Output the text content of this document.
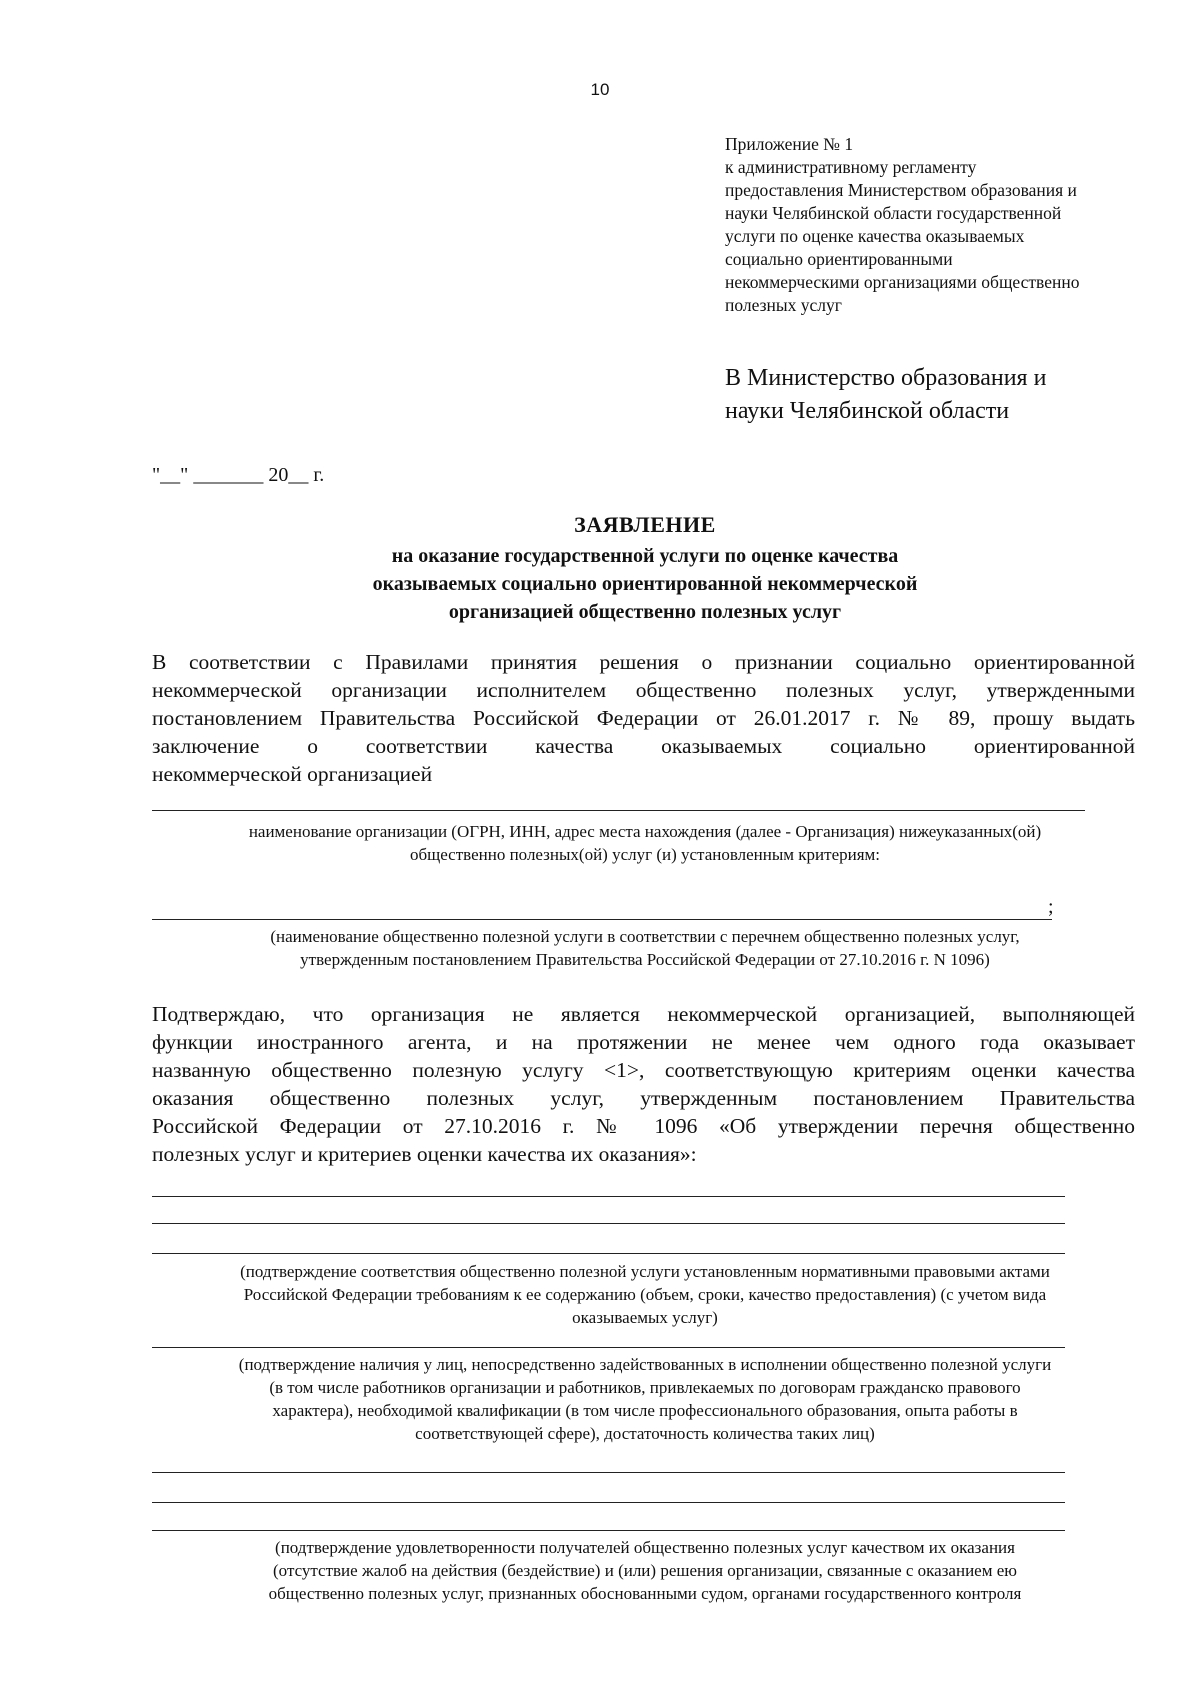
10
Приложение № 1
к административному регламенту
предоставления Министерством образования и
науки Челябинской области государственной
услуги по оценке качества оказываемых
социально ориентированными
некоммерческими организациями общественно
полезных услуг
В Министерство образования и
науки Челябинской области
"__" _______ 20__ г.
ЗАЯВЛЕНИЕ
на оказание государственной услуги по оценке качества
оказываемых социально ориентированной некоммерческой
организацией общественно полезных услуг
В соответствии с Правилами принятия решения о признании социально ориентированной
некоммерческой организации исполнителем общественно полезных услуг, утвержденными
постановлением Правительства Российской Федерации от 26.01.2017 г. № 89, прошу выдать
заключение о соответствии качества оказываемых социально ориентированной
некоммерческой организацией
наименование организации (ОГРН, ИНН, адрес места нахождения (далее - Организация) нижеуказанных(ой)
общественно полезных(ой) услуг (и) установленным критериям:
;
(наименование общественно полезной услуги в соответствии с перечнем общественно полезных услуг,
утвержденным постановлением Правительства Российской Федерации от 27.10.2016 г. N 1096)
Подтверждаю, что организация не является некоммерческой организацией, выполняющей
функции иностранного агента, и на протяжении не менее чем одного года оказывает
названную общественно полезную услугу <1>, соответствующую критериям оценки качества
оказания общественно полезных услуг, утвержденным постановлением Правительства
Российской Федерации от 27.10.2016 г. № 1096 «Об утверждении перечня общественно
полезных услуг и критериев оценки качества их оказания»:
(подтверждение соответствия общественно полезной услуги установленным нормативными правовыми актами
Российской Федерации требованиям к ее содержанию (объем, сроки, качество предоставления) (с учетом вида
оказываемых услуг)
(подтверждение наличия у лиц, непосредственно задействованных в исполнении общественно полезной услуги
(в том числе работников организации и работников, привлекаемых по договорам гражданско правового
характера), необходимой квалификации (в том числе профессионального образования, опыта работы в
соответствующей сфере), достаточность количества таких лиц)
(подтверждение удовлетворенности получателей общественно полезных услуг качеством их оказания
(отсутствие жалоб на действия (бездействие) и (или) решения организации, связанные с оказанием ею
общественно полезных услуг, признанных обоснованными судом, органами государственного контроля
